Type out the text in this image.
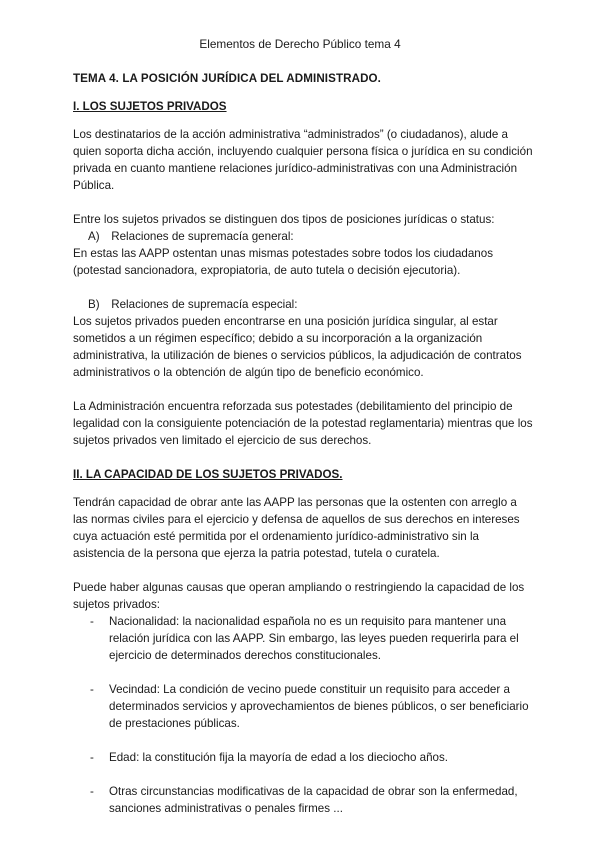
Elementos de Derecho Público tema 4
TEMA 4. LA POSICIÓN JURÍDICA DEL ADMINISTRADO.
I. LOS SUJETOS PRIVADOS

Los destinatarios de la acción administrativa “administrados” (o ciudadanos), alude a quien soporta dicha acción, incluyendo cualquier persona física o jurídica en su condición privada en cuanto mantiene relaciones jurídico-administrativas con una Administración Pública.

Entre los sujetos privados se distinguen dos tipos de posiciones jurídicas o status:
A) Relaciones de supremacía general:

En estas las AAPP ostentan unas mismas potestades sobre todos los ciudadanos (potestad sancionadora, expropiatoria, de auto tutela o decisión ejecutoria).

B) Relaciones de supremacía especial:

Los sujetos privados pueden encontrarse en una posición jurídica singular, al estar sometidos a un régimen específico; debido a su incorporación a la organización administrativa, la utilización de bienes o servicios públicos, la adjudicación de contratos administrativos o la obtención de algún tipo de beneficio económico.

La Administración encuentra reforzada sus potestades (debilitamiento del principio de legalidad con la consiguiente potenciación de la potestad reglamentaria) mientras que los sujetos privados ven limitado el ejercicio de sus derechos.

II. LA CAPACIDAD DE LOS SUJETOS PRIVADOS.

Tendrán capacidad de obrar ante las AAPP las personas que la ostenten con arreglo a las normas civiles para el ejercicio y defensa de aquellos de sus derechos en intereses cuya actuación esté permitida por el ordenamiento jurídico-administrativo sin la asistencia de la persona que ejerza la patria potestad, tutela o curatela.

Puede haber algunas causas que operan ampliando o restringiendo la capacidad de los sujetos privados:
- Nacionalidad: la nacionalidad española no es un requisito para mantener una relación jurídica con las AAPP. Sin embargo, las leyes pueden requerirla para el ejercicio de determinados derechos constitucionales.
- Vecindad: La condición de vecino puede constituir un requisito para acceder a determinados servicios y aprovechamientos de bienes públicos, o ser beneficiario de prestaciones públicas.
- Edad: la constitución fija la mayoría de edad a los dieciocho años.
- Otras circunstancias modificativas de la capacidad de obrar son la enfermedad, sanciones administrativas o penales firmes ...
